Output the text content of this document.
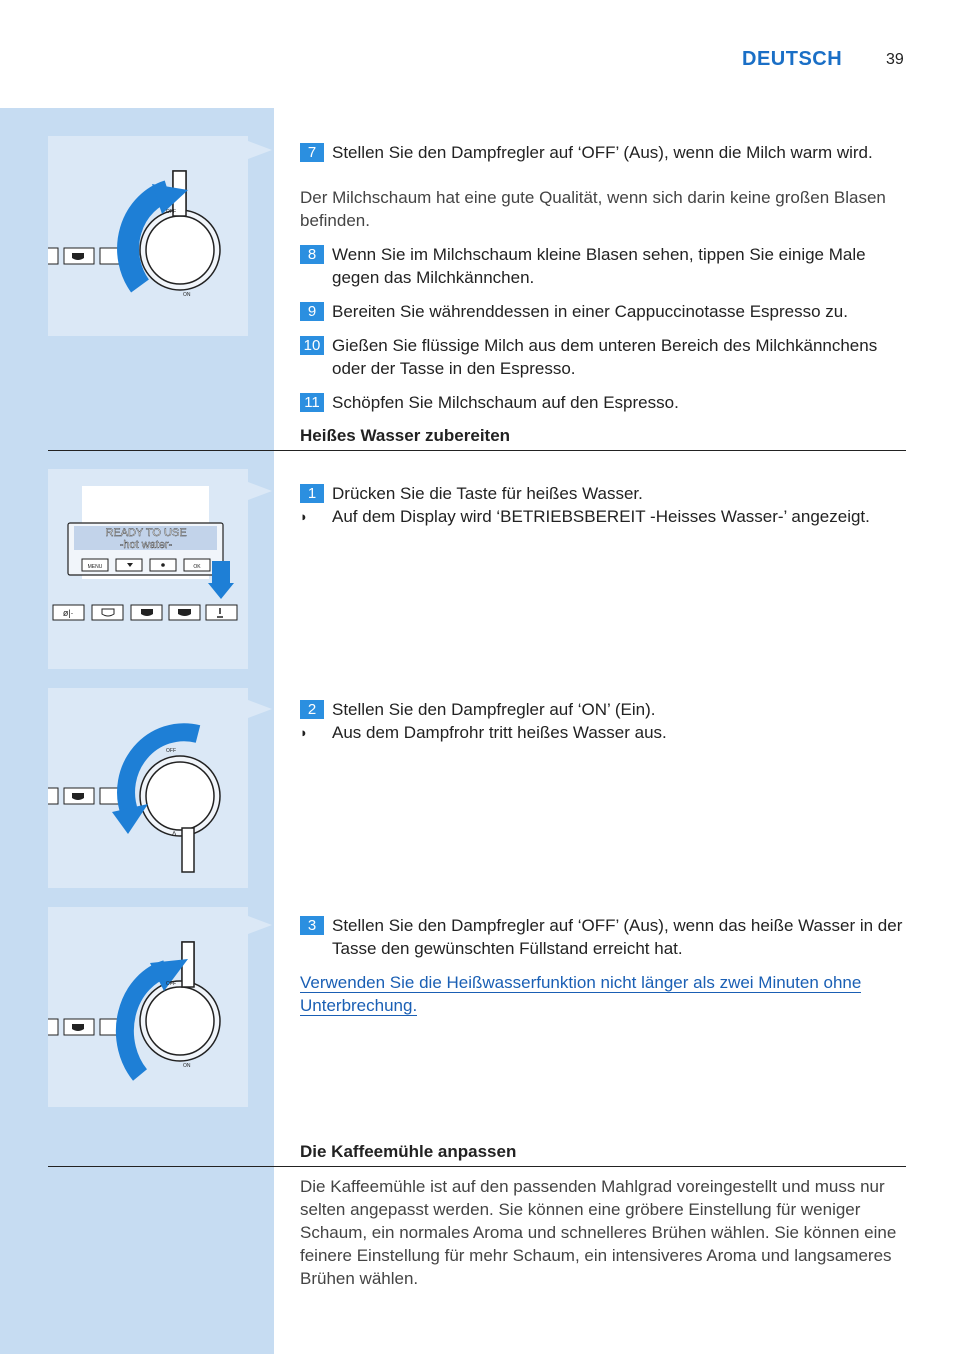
DEUTSCH	39
OFF
ON
7 Stellen Sie den Dampfregler auf ‘OFF’ (Aus), wenn die Milch warm wird.
Der Milchschaum hat eine gute Qualität, wenn sich darin keine großen Blasen befinden.
8 Wenn Sie im Milchschaum kleine Blasen sehen, tippen Sie einige Male gegen das Milchkännchen.
9 Bereiten Sie währenddessen in einer Cappuccinotasse Espresso zu.
10 Gießen Sie flüssige Milch aus dem unteren Bereich des Milchkännchens oder der Tasse in den Espresso.
11 Schöpfen Sie Milchschaum auf den Espresso.
Heißes Wasser zubereiten
READY TO USE
-hot water-
MENU	OK
ø|∙
1 Drücken Sie die Taste für heißes Wasser.
◗ Auf dem Display wird ‘BETRIEBSBEREIT -Heisses Wasser-’ angezeigt.
OFF
∆
2 Stellen Sie den Dampfregler auf ‘ON’ (Ein).
◗ Aus dem Dampfrohr tritt heißes Wasser aus.
OFF
ON
3 Stellen Sie den Dampfregler auf ‘OFF’ (Aus), wenn das heiße Wasser in der Tasse den gewünschten Füllstand erreicht hat.
Verwenden Sie die Heißwasserfunktion nicht länger als zwei Minuten ohne Unterbrechung.
Die Kaffeemühle anpassen
Die Kaffeemühle ist auf den passenden Mahlgrad voreingestellt und muss nur selten angepasst werden. Sie können eine gröbere Einstellung für weniger Schaum, ein normales Aroma und schnelleres Brühen wählen. Sie können eine feinere Einstellung für mehr Schaum, ein intensiveres Aroma und langsameres Brühen wählen.
